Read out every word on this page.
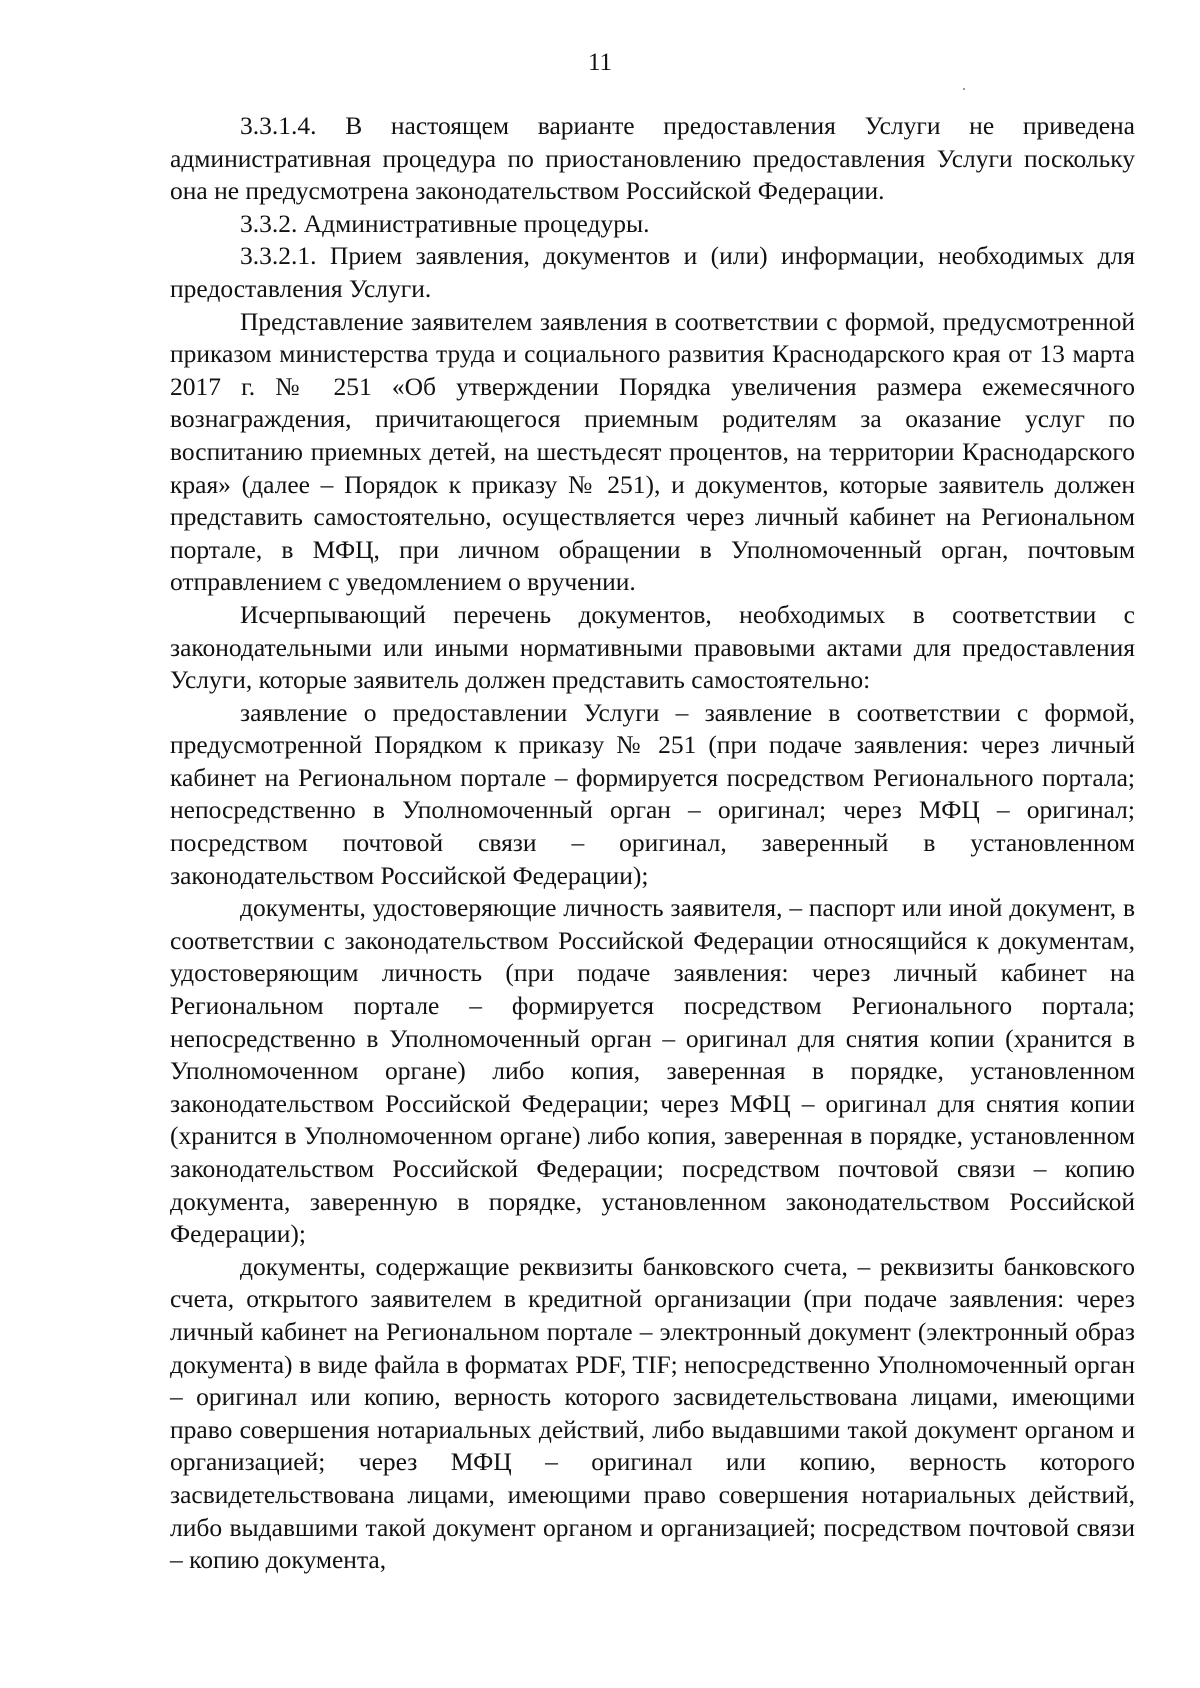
11

3.3.1.4. В настоящем варианте предоставления Услуги не приведена административная процедура по приостановлению предоставления Услуги поскольку она не предусмотрена законодательством Российской Федерации.

3.3.2. Административные процедуры.

3.3.2.1. Прием заявления, документов и (или) информации, необходимых для предоставления Услуги.

Представление заявителем заявления в соответствии с формой, предусмотренной приказом министерства труда и социального развития Краснодарского края от 13 марта 2017 г. № 251 «Об утверждении Порядка увеличения размера ежемесячного вознаграждения, причитающегося приемным родителям за оказание услуг по воспитанию приемных детей, на шестьдесят процентов, на территории Краснодарского края» (далее – Порядок к приказу № 251), и документов, которые заявитель должен представить самостоятельно, осуществляется через личный кабинет на Региональном портале, в МФЦ, при личном обращении в Уполномоченный орган, почтовым отправлением с уведомлением о вручении.

Исчерпывающий перечень документов, необходимых в соответствии с законодательными или иными нормативными правовыми актами для предоставления Услуги, которые заявитель должен представить самостоятельно:

заявление о предоставлении Услуги – заявление в соответствии с формой, предусмотренной Порядком к приказу № 251 (при подаче заявления: через личный кабинет на Региональном портале – формируется посредством Регионального портала; непосредственно в Уполномоченный орган – оригинал; через МФЦ – оригинал; посредством почтовой связи – оригинал, заверенный в установленном законодательством Российской Федерации);

документы, удостоверяющие личность заявителя, – паспорт или иной документ, в соответствии с законодательством Российской Федерации относящийся к документам, удостоверяющим личность (при подаче заявления: через личный кабинет на Региональном портале – формируется посредством Регионального портала; непосредственно в Уполномоченный орган – оригинал для снятия копии (хранится в Уполномоченном органе) либо копия, заверенная в порядке, установленном законодательством Российской Федерации; через МФЦ – оригинал для снятия копии (хранится в Уполномоченном органе) либо копия, заверенная в порядке, установленном законодательством Российской Федерации; посредством почтовой связи – копию документа, заверенную в порядке, установленном законодательством Российской Федерации);

документы, содержащие реквизиты банковского счета, – реквизиты банковского счета, открытого заявителем в кредитной организации (при подаче заявления: через личный кабинет на Региональном портале – электронный документ (электронный образ документа) в виде файла в форматах PDF, TIF; непосредственно Уполномоченный орган – оригинал или копию, верность которого засвидетельствована лицами, имеющими право совершения нотариальных действий, либо выдавшими такой документ органом и организацией; через МФЦ – оригинал или копию, верность которого засвидетельствована лицами, имеющими право совершения нотариальных действий, либо выдавшими такой документ органом и организацией; посредством почтовой связи – копию документа,
